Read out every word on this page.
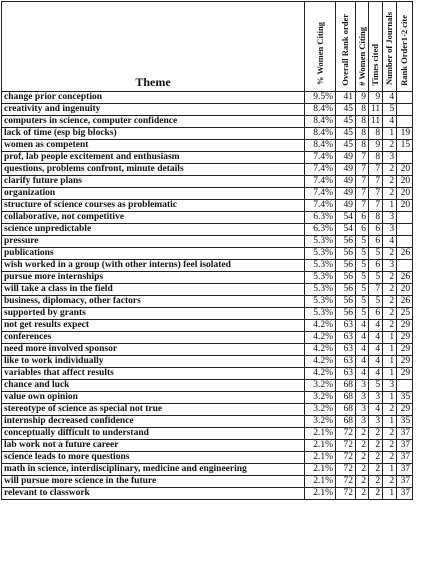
Theme	% Women Citing	Overall Rank order	# Women Citing	Times cited	Number of Journals	Rank Order1-2 cite
change prior conception	9.5%	41	9	9	4	
creativity and ingenuity	8.4%	45	8	11	5	
computers in science, computer confidence	8.4%	45	8	11	4	
lack of time (esp big blocks)	8.4%	45	8	8	1	19
women as competent	8.4%	45	8	9	2	15
prof, lab people excitement and enthusiasm	7.4%	49	7	8	3	
questions, problems confront, minute details	7.4%	49	7	7	2	20
clarify future plans	7.4%	49	7	7	2	20
organization	7.4%	49	7	7	2	20
structure of science courses as problematic	7.4%	49	7	7	1	20
collaborative, not competitive	6.3%	54	6	8	3	
science unpredictable	6.3%	54	6	6	3	
pressure	5.3%	56	5	6	4	
publications	5.3%	56	5	5	2	26
wish worked in a group (with other interns) feel isolated	5.3%	56	5	6	3	
pursue more internships	5.3%	56	5	5	2	26
will take a class in the field	5.3%	56	5	7	2	20
business, diplomacy, other factors	5.3%	56	5	5	2	26
supported by grants	5.3%	56	5	6	2	25
not get results expect	4.2%	63	4	4	2	29
conferences	4.2%	63	4	4	1	29
need more involved sponsor	4.2%	63	4	4	1	29
like to work individually	4.2%	63	4	4	1	29
variables that affect results	4.2%	63	4	4	1	29
chance and luck	3.2%	68	3	5	3	
value own opinion	3.2%	68	3	3	1	35
stereotype of science as special not true	3.2%	68	3	4	2	29
internship decreased confidence	3.2%	68	3	3	1	35
conceptually difficult to understand	2.1%	72	2	2	2	37
lab work not a future career	2.1%	72	2	2	2	37
science leads to more questions	2.1%	72	2	2	2	37
math in science, interdisciplinary, medicine and engineering	2.1%	72	2	2	1	37
will pursue more science in the future	2.1%	72	2	2	2	37
relevant to classwork	2.1%	72	2	2	1	37
